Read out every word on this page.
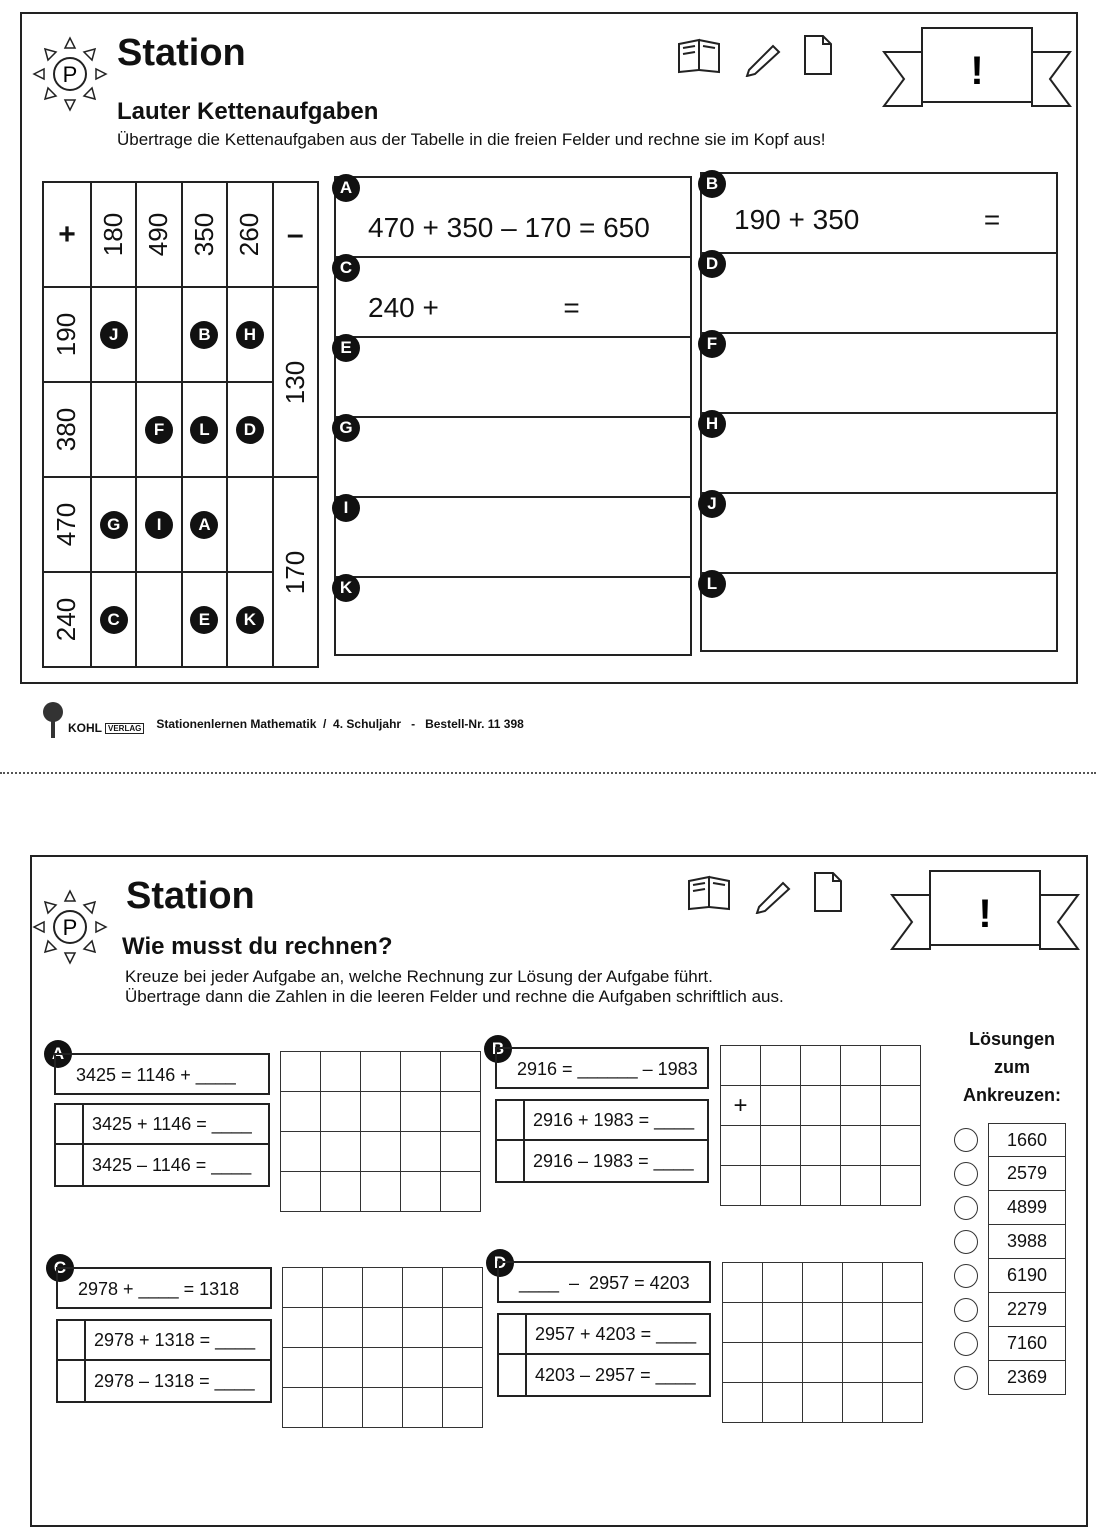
P
Station
Lauter Kettenaufgaben
Übertrage die Kettenaufgaben aus der Tabelle in die freien Felder und rechne sie im Kopf aus!
!
+	180	490	350	260	–
190	J		B	H	130
380		F	L	D	
470	G	I	A		170
240	C		E	K	
A
470 + 350 – 170 = 650
C
240 +                =
E
G
I
K
B
190 + 350                =
D
F
H
J
L
KOHL VERLAG Stationenlernen Mathematik  /  4. Schuljahr   -   Bestell-Nr. 11 398
P
Station
Wie musst du rechnen?
Kreuze bei jeder Aufgabe an, welche Rechnung zur Lösung der Aufgabe führt.
Übertrage dann die Zahlen in die leeren Felder und rechne die Aufgaben schriftlich aus.
!
A
3425 = 1146 + ____
3425 + 1146 = ____
3425 – 1146 = ____

B
2916 = ______ – 1983
2916 + 1983 = ____
2916 – 1983 = ____

+				

C
2978 + ____ = 1318
2978 + 1318 = ____
2978 – 1318 = ____

D
____  –  2957 = 4203
2957 + 4203 = ____
4203 – 2957 = ____

Lösungen
zum
Ankreuzen:
1660
2579
4899
3988
6190
2279
7160
2369
